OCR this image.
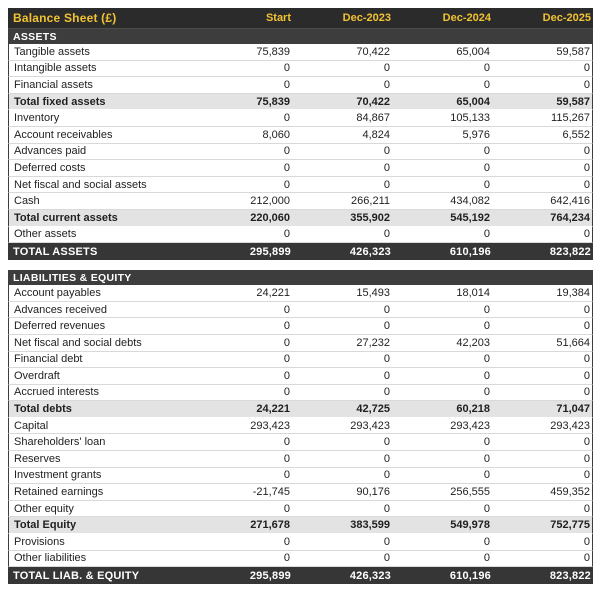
Balance Sheet (£)	Start	Dec-2023	Dec-2024	Dec-2025
ASSETS
Tangible assets	75,839	70,422	65,004	59,587
Intangible assets	0	0	0	0
Financial assets	0	0	0	0
Total fixed assets	75,839	70,422	65,004	59,587
Inventory	0	84,867	105,133	115,267
Account receivables	8,060	4,824	5,976	6,552
Advances paid	0	0	0	0
Deferred costs	0	0	0	0
Net fiscal and social assets	0	0	0	0
Cash	212,000	266,211	434,082	642,416
Total current assets	220,060	355,902	545,192	764,234
Other assets	0	0	0	0
TOTAL ASSETS	295,899	426,323	610,196	823,822
LIABILITIES & EQUITY
Account payables	24,221	15,493	18,014	19,384
Advances received	0	0	0	0
Deferred revenues	0	0	0	0
Net fiscal and social debts	0	27,232	42,203	51,664
Financial debt	0	0	0	0
Overdraft	0	0	0	0
Accrued interests	0	0	0	0
Total debts	24,221	42,725	60,218	71,047
Capital	293,423	293,423	293,423	293,423
Shareholders' loan	0	0	0	0
Reserves	0	0	0	0
Investment grants	0	0	0	0
Retained earnings	-21,745	90,176	256,555	459,352
Other equity	0	0	0	0
Total Equity	271,678	383,599	549,978	752,775
Provisions	0	0	0	0
Other liabilities	0	0	0	0
TOTAL LIAB. & EQUITY	295,899	426,323	610,196	823,822
